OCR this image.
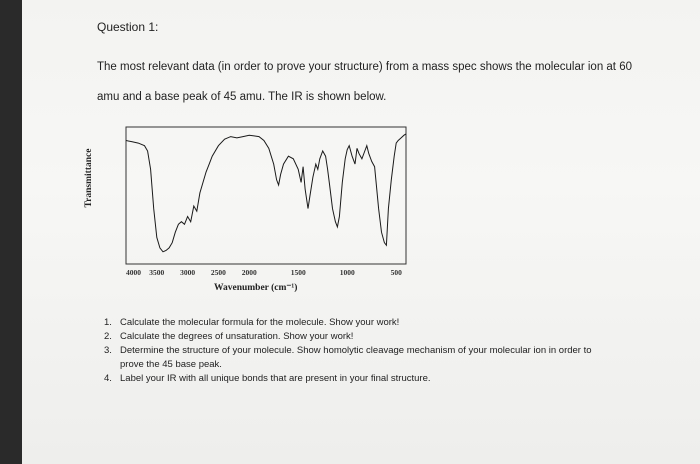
Question 1:
The most relevant data (in order to prove your structure) from a mass spec shows the molecular ion at 60 amu and a base peak of 45 amu. The IR is shown below.
Transmittance
4000 3500 3000 2500 2000	1500	1000	500
Wavenumber (cm⁻¹)
1. Calculate the molecular formula for the molecule. Show your work!
2. Calculate the degrees of unsaturation. Show your work!
3. Determine the structure of your molecule. Show homolytic cleavage mechanism of your molecular ion in order to prove the 45 base peak.
4. Label your IR with all unique bonds that are present in your final structure.
